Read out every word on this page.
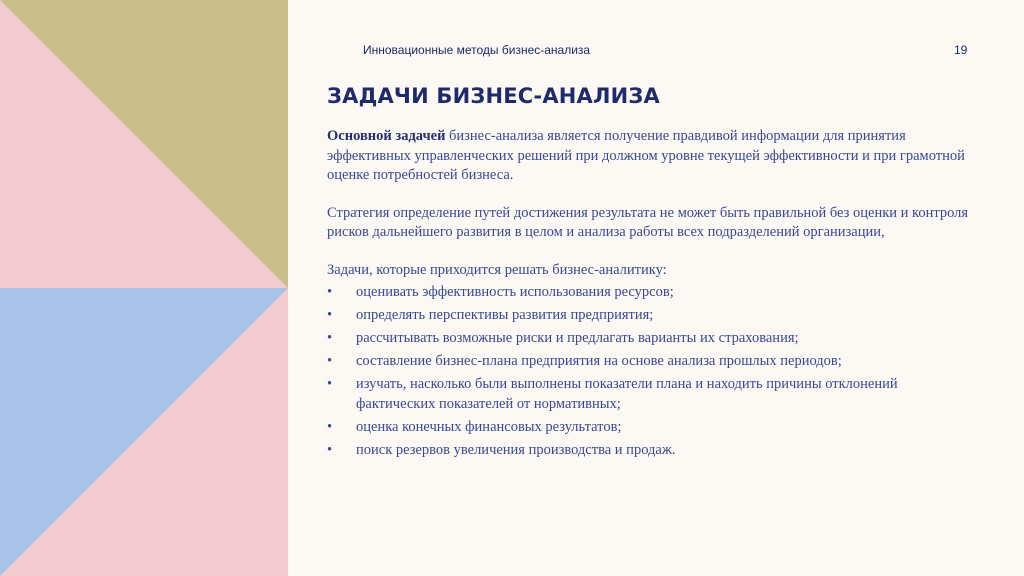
Инновационные методы бизнес-анализа	19
ЗАДАЧИ БИЗНЕС-АНАЛИЗА

Основной задачей бизнес-анализа является получение правдивой информации для принятия эффективных управленческих решений при должном уровне текущей эффективности и при грамотной оценке потребностей бизнеса.

Стратегия определение путей достижения результата не может быть правильной без оценки и контроля рисков дальнейшего развития в целом и анализа работы всех подразделений организации,

Задачи, которые приходится решать бизнес-аналитику:

• оценивать эффективность использования ресурсов;
• определять перспективы развития предприятия;
• рассчитывать возможные риски и предлагать варианты их страхования;
• составление бизнес-плана предприятия на основе анализа прошлых периодов;
• изучать, насколько были выполнены показатели плана и находить причины отклонений фактических показателей от нормативных;
• оценка конечных финансовых результатов;
• поиск резервов увеличения производства и продаж.
